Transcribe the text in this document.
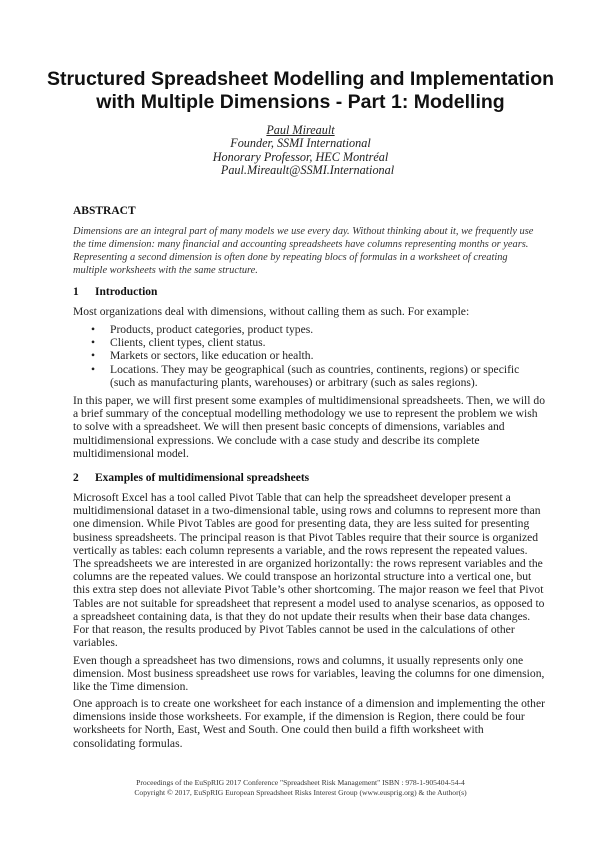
Structured Spreadsheet Modelling and Implementation
with Multiple Dimensions - Part 1: Modelling
Paul Mireault
Founder, SSMI International
Honorary Professor, HEC Montréal
Paul.Mireault@SSMI.International
ABSTRACT
Dimensions are an integral part of many models we use every day. Without thinking about it, we frequently use
the time dimension: many financial and accounting spreadsheets have columns representing months or years.
Representing a second dimension is often done by repeating blocs of formulas in a worksheet of creating
multiple worksheets with the same structure.
1 Introduction
Most organizations deal with dimensions, without calling them as such. For example:
• Products, product categories, product types.
• Clients, client types, client status.
• Markets or sectors, like education or health.
• Locations. They may be geographical (such as countries, continents, regions) or specific
(such as manufacturing plants, warehouses) or arbitrary (such as sales regions).
In this paper, we will first present some examples of multidimensional spreadsheets. Then, we will do
a brief summary of the conceptual modelling methodology we use to represent the problem we wish
to solve with a spreadsheet. We will then present basic concepts of dimensions, variables and
multidimensional expressions. We conclude with a case study and describe its complete
multidimensional model.
2 Examples of multidimensional spreadsheets
Microsoft Excel has a tool called Pivot Table that can help the spreadsheet developer present a
multidimensional dataset in a two-dimensional table, using rows and columns to represent more than
one dimension. While Pivot Tables are good for presenting data, they are less suited for presenting
business spreadsheets. The principal reason is that Pivot Tables require that their source is organized
vertically as tables: each column represents a variable, and the rows represent the repeated values.
The spreadsheets we are interested in are organized horizontally: the rows represent variables and the
columns are the repeated values. We could transpose an horizontal structure into a vertical one, but
this extra step does not alleviate Pivot Table’s other shortcoming. The major reason we feel that Pivot
Tables are not suitable for spreadsheet that represent a model used to analyse scenarios, as opposed to
a spreadsheet containing data, is that they do not update their results when their base data changes.
For that reason, the results produced by Pivot Tables cannot be used in the calculations of other
variables.
Even though a spreadsheet has two dimensions, rows and columns, it usually represents only one
dimension. Most business spreadsheet use rows for variables, leaving the columns for one dimension,
like the Time dimension.
One approach is to create one worksheet for each instance of a dimension and implementing the other
dimensions inside those worksheets. For example, if the dimension is Region, there could be four
worksheets for North, East, West and South. One could then build a fifth worksheet with
consolidating formulas.
Proceedings of the EuSpRIG 2017 Conference "Spreadsheet Risk Management" ISBN : 978-1-905404-54-4
Copyright © 2017, EuSpRIG European Spreadsheet Risks Interest Group (www.eusprig.org) & the Author(s)
